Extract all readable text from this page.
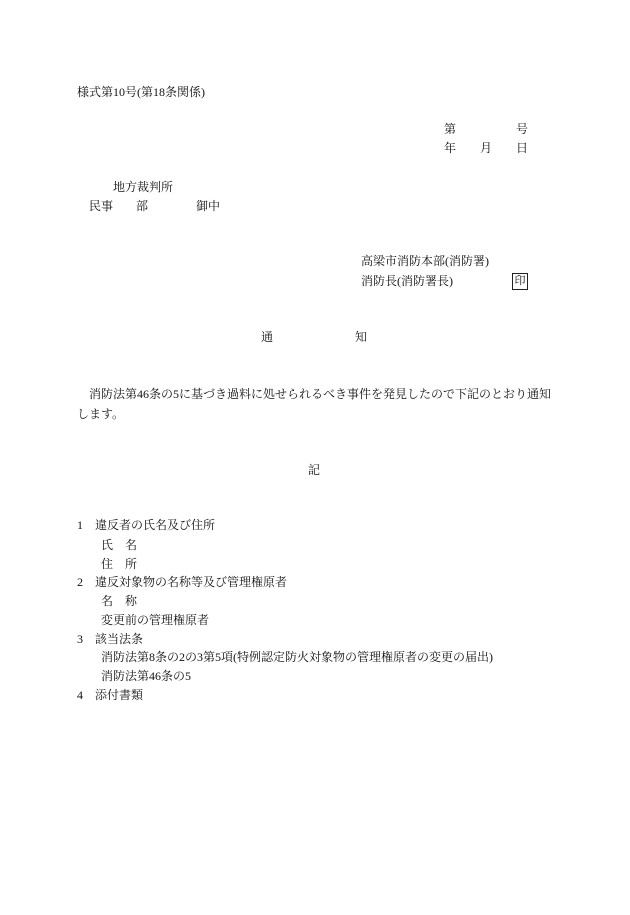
様式第10号(第18条関係)
第	号
年 月 日
地方裁判所
民事 部	御中
高梁市消防本部(消防署)
消防長(消防署長)	印
通知
消防法第46条の5に基づき過料に処せられるべき事件を発見したので下記のとおり通知します。
記
1 違反者の氏名及び住所
氏　名
住　所
2 違反対象物の名称等及び管理権原者
名　称
変更前の管理権原者
3 該当法条
消防法第8条の2の3第5項(特例認定防火対象物の管理権原者の変更の届出)
消防法第46条の5
4 添付書類
